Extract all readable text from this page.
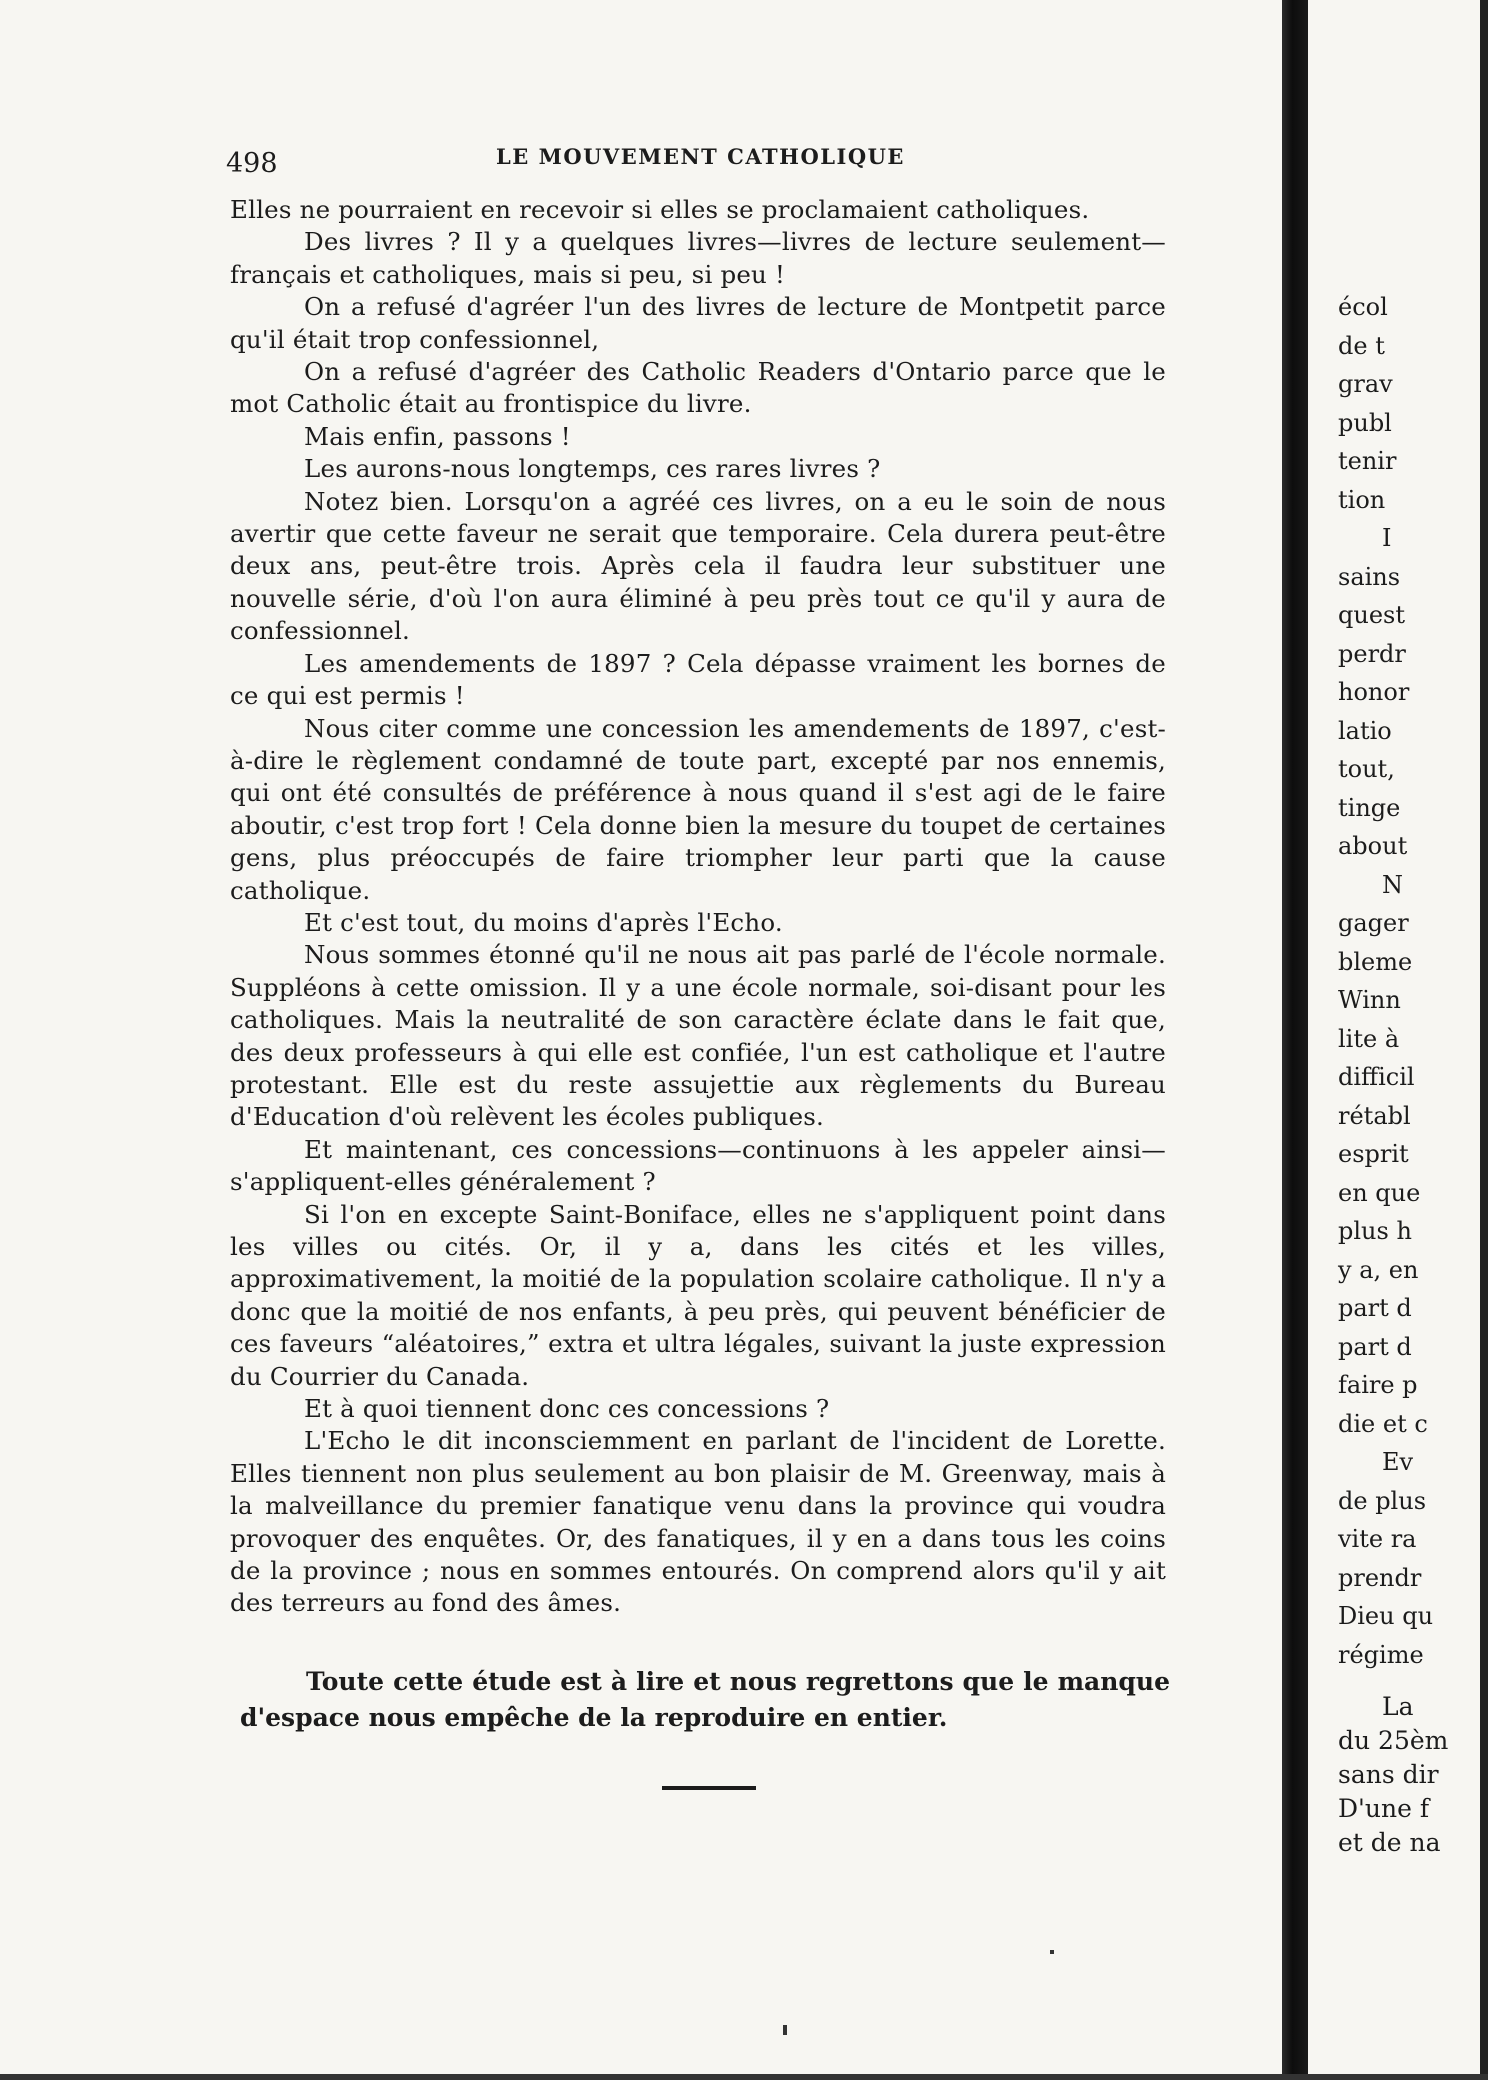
498	LE MOUVEMENT CATHOLIQUE

Elles ne pourraient en recevoir si elles se proclamaient catholiques.

Des livres ? Il y a quelques livres—livres de lecture seulement—français et catholiques, mais si peu, si peu !

On a refusé d'agréer l'un des livres de lecture de Montpetit parce qu'il était trop confessionnel,

On a refusé d'agréer des Catholic Readers d'Ontario parce que le mot Catholic était au frontispice du livre.

Mais enfin, passons !

Les aurons-nous longtemps, ces rares livres ?

Notez bien. Lorsqu'on a agréé ces livres, on a eu le soin de nous avertir que cette faveur ne serait que temporaire. Cela durera peut-être deux ans, peut-être trois. Après cela il faudra leur substituer une nouvelle série, d'où l'on aura éliminé à peu près tout ce qu'il y aura de confessionnel.

Les amendements de 1897 ? Cela dépasse vraiment les bornes de ce qui est permis !

Nous citer comme une concession les amendements de 1897, c'est-à-dire le règlement condamné de toute part, excepté par nos ennemis, qui ont été consultés de préférence à nous quand il s'est agi de le faire aboutir, c'est trop fort ! Cela donne bien la mesure du toupet de certaines gens, plus préoccupés de faire triompher leur parti que la cause catholique.

Et c'est tout, du moins d'après l'Echo.

Nous sommes étonné qu'il ne nous ait pas parlé de l'école normale. Suppléons à cette omission. Il y a une école normale, soi-disant pour les catholiques. Mais la neutralité de son caractère éclate dans le fait que, des deux professeurs à qui elle est confiée, l'un est catholique et l'autre protestant. Elle est du reste assujettie aux règlements du Bureau d'Education d'où relèvent les écoles publiques.

Et maintenant, ces concessions—continuons à les appeler ainsi—s'appliquent-elles généralement ?

Si l'on en excepte Saint-Boniface, elles ne s'appliquent point dans les villes ou cités. Or, il y a, dans les cités et les villes, approximativement, la moitié de la population scolaire catholique. Il n'y a donc que la moitié de nos enfants, à peu près, qui peuvent bénéficier de ces faveurs “aléatoires,” extra et ultra légales, suivant la juste expression du Courrier du Canada.

Et à quoi tiennent donc ces concessions ?

L'Echo le dit inconsciemment en parlant de l'incident de Lorette. Elles tiennent non plus seulement au bon plaisir de M. Greenway, mais à la malveillance du premier fanatique venu dans la province qui voudra provoquer des enquêtes. Or, des fanatiques, il y en a dans tous les coins de la province ; nous en sommes entourés. On comprend alors qu'il y ait des terreurs au fond des âmes.

Toute cette étude est à lire et nous regrettons que le manque d'espace nous empêche de la reproduire en entier.

écol
de t
grav
publ
tenir
tion
I
sains
quest
perdr
honor
latio
tout,
tinge
about
N
gager
bleme
Winn
lite à
difficil
rétabl
esprit
en que
plus h
y a, en
part d
part d
faire p
die et c
Ev
de plus
vite ra
prendr
Dieu qu
régime
La
du 25èm
sans dir
D'une f
et de na
